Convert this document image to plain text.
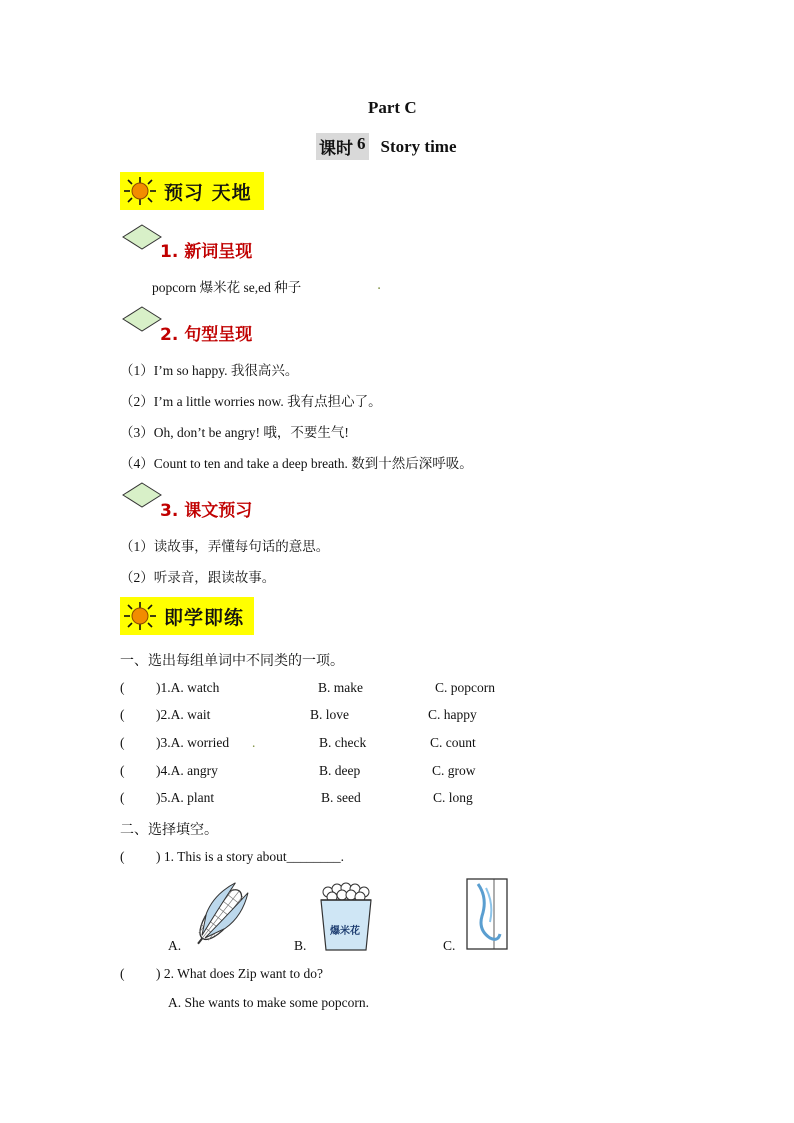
Part C
课时 6 Story time
预习 天地
1. 新词呈现
popcorn 爆米花 se,ed 种子	.
2. 句型呈现
（1）I’m so happy. 我很高兴。
（2）I’m a little worries now. 我有点担心了。
（3）Oh, don’t be angry! 哦，不要生气!
（4）Count to ten and take a deep breath. 数到十然后深呼吸。
3. 课文预习
（1）读故事，弄懂每句话的意思。
（2）听录音，跟读故事。
即学即练
一、选出每组单词中不同类的一项。
( )1.A. watch	B. make	C. popcorn
( )2.A. wait	B. love	C. happy
( )3.A. worried .	B. check	C. count
( )4.A. angry	B. deep	C. grow
( )5.A. plant	B. seed	C. long
二、选择填空。
( ) 1. This is a story about________.
A.	B.
爆米花
C.
( ) 2. What does Zip want to do?
A. She wants to make some popcorn.
